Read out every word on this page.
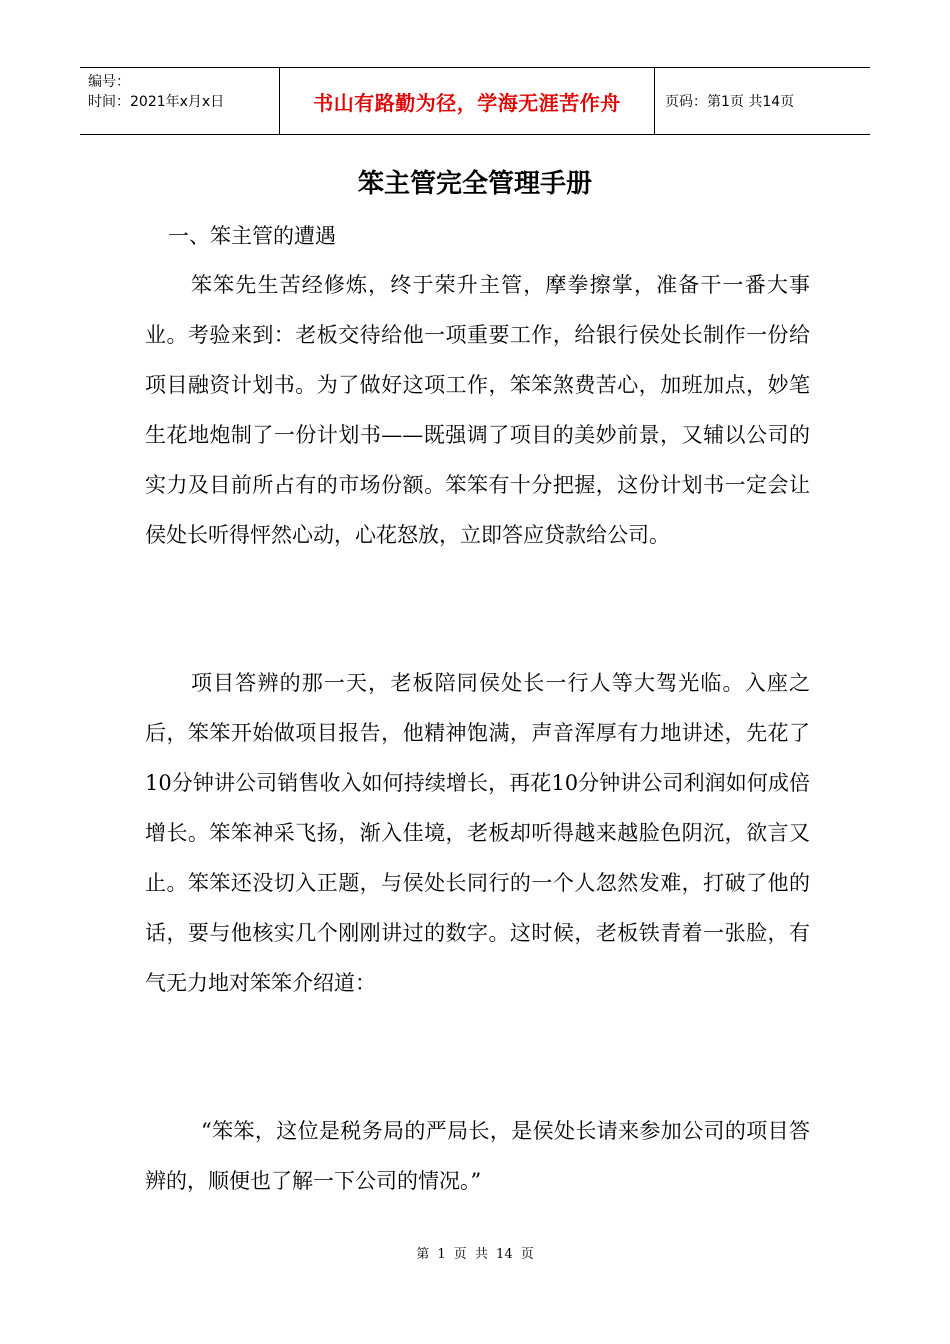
编号：
时间：2021年x月x日	书山有路勤为径，学海无涯苦作舟	页码：第1页 共14页
笨主管完全管理手册
一、笨主管的遭遇

笨笨先生苦经修炼，终于荣升主管，摩拳擦掌，准备干一番大事业。考验来到：老板交待给他一项重要工作，给银行侯处长制作一份给项目融资计划书。为了做好这项工作，笨笨煞费苦心，加班加点，妙笔生花地炮制了一份计划书——既强调了项目的美妙前景，又辅以公司的实力及目前所占有的市场份额。笨笨有十分把握，这份计划书一定会让侯处长听得怦然心动，心花怒放，立即答应贷款给公司。

项目答辨的那一天，老板陪同侯处长一行人等大驾光临。入座之后，笨笨开始做项目报告，他精神饱满，声音浑厚有力地讲述，先花了10分钟讲公司销售收入如何持续增长，再花10分钟讲公司利润如何成倍增长。笨笨神采飞扬，渐入佳境，老板却听得越来越脸色阴沉，欲言又止。笨笨还没切入正题，与侯处长同行的一个人忽然发难，打破了他的话，要与他核实几个刚刚讲过的数字。这时候，老板铁青着一张脸，有气无力地对笨笨介绍道：

“笨笨，这位是税务局的严局长，是侯处长请来参加公司的项目答辨的，顺便也了解一下公司的情况。”

第 1 页 共 14 页
